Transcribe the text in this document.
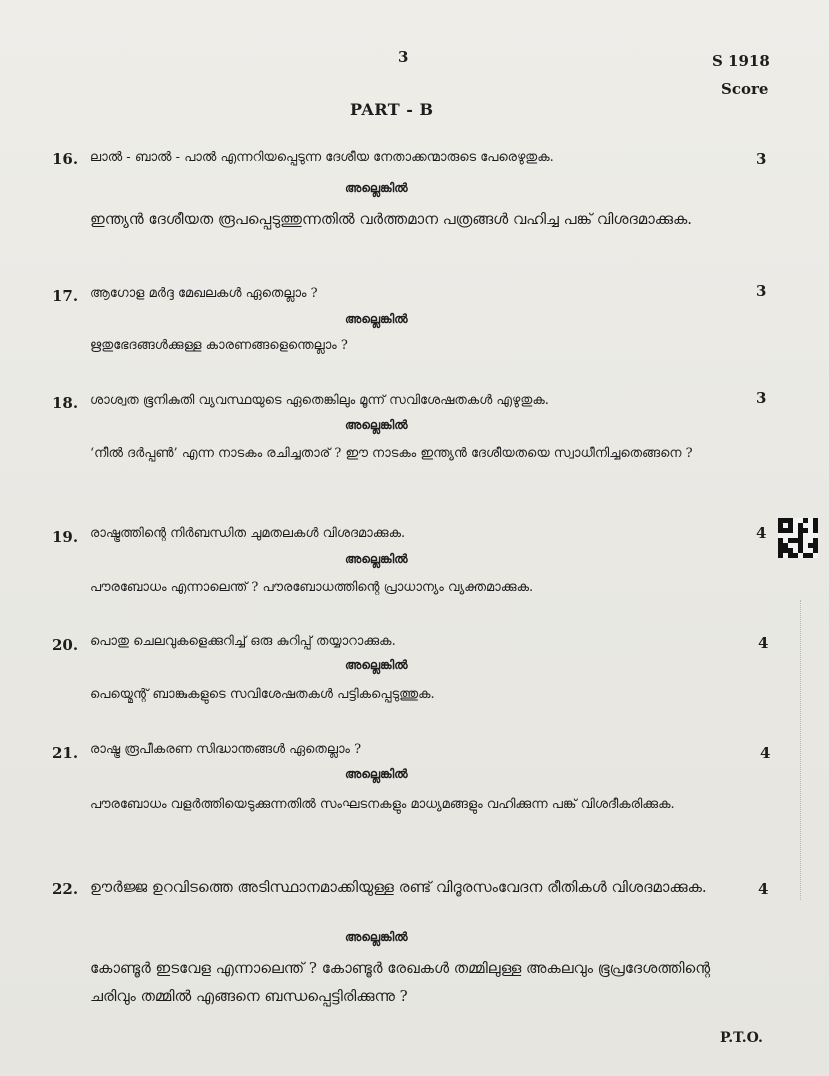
3	S 1918
Score
PART - B
16. ലാൽ - ബാൽ - പാൽ എന്നറിയപ്പെടുന്ന ദേശീയ നേതാക്കന്മാരുടെ പേരെഴുതുക.	3
അല്ലെങ്കിൽ
ഇന്ത്യൻ ദേശീയത രൂപപ്പെടുത്തുന്നതിൽ വർത്തമാന പത്രങ്ങൾ വഹിച്ച പങ്ക് വിശദമാക്കുക.
17. ആഗോള മർദ്ദ മേഖലകൾ ഏതെല്ലാം ?	3
അല്ലെങ്കിൽ
ഋതുഭേദങ്ങൾക്കുള്ള കാരണങ്ങളെന്തെല്ലാം ?
18. ശാശ്വത ഭൂനികുതി വ്യവസ്ഥയുടെ ഏതെങ്കിലും മൂന്ന് സവിശേഷതകൾ എഴുതുക.	3
അല്ലെങ്കിൽ
‘നീൽ ദർപ്പൺ’ എന്ന നാടകം രചിച്ചതാര് ? ഈ നാടകം ഇന്ത്യൻ ദേശീയതയെ സ്വാധീനിച്ചതെങ്ങനെ ?
19. രാഷ്ട്രത്തിന്റെ നിർബന്ധിത ചുമതലകൾ വിശദമാക്കുക.	4
അല്ലെങ്കിൽ
പൗരബോധം എന്നാലെന്ത് ? പൗരബോധത്തിന്റെ പ്രാധാന്യം വ്യക്തമാക്കുക.
20. പൊതു ചെലവുകളെക്കുറിച്ച് ഒരു കുറിപ്പ് തയ്യാറാക്കുക.	4
അല്ലെങ്കിൽ
പെയ്മെന്റ് ബാങ്കുകളുടെ സവിശേഷതകൾ പട്ടികപ്പെടുത്തുക.
21. രാഷ്ട്ര രൂപീകരണ സിദ്ധാന്തങ്ങൾ ഏതെല്ലാം ?	4
അല്ലെങ്കിൽ
പൗരബോധം വളർത്തിയെടുക്കുന്നതിൽ സംഘടനകളും മാധ്യമങ്ങളും വഹിക്കുന്ന പങ്ക് വിശദീകരിക്കുക.
22. ഊർജ്ജ ഉറവിടത്തെ അടിസ്ഥാനമാക്കിയുള്ള രണ്ട് വിദൂരസംവേദന രീതികൾ വിശദമാക്കുക.	4
അല്ലെങ്കിൽ
കോണ്ടൂർ ഇടവേള എന്നാലെന്ത് ? കോണ്ടൂർ രേഖകൾ തമ്മിലുള്ള അകലവും ഭൂപ്രദേശത്തിന്റെ ചരിവും തമ്മിൽ എങ്ങനെ ബന്ധപ്പെട്ടിരിക്കുന്നു ?
P.T.O.
